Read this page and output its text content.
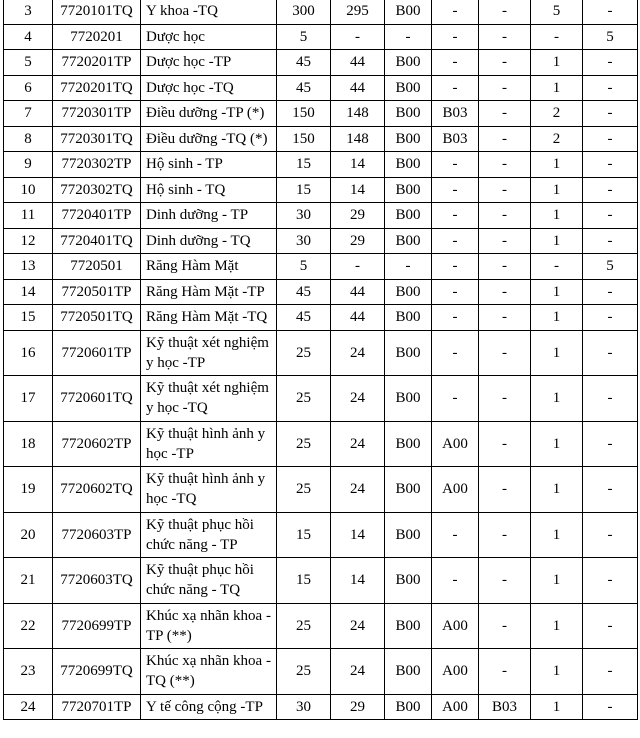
3	7720101TQ	Y khoa -TQ	300	295	B00	-	-	5	-
4	7720201	Dược học	5	-	-	-	-	-	5
5	7720201TP	Dược học -TP	45	44	B00	-	-	1	-
6	7720201TQ	Dược học -TQ	45	44	B00	-	-	1	-
7	7720301TP	Điều dưỡng -TP (*)	150	148	B00	B03	-	2	-
8	7720301TQ	Điều dưỡng -TQ (*)	150	148	B00	B03	-	2	-
9	7720302TP	Hộ sinh - TP	15	14	B00	-	-	1	-
10	7720302TQ	Hộ sinh - TQ	15	14	B00	-	-	1	-
11	7720401TP	Dinh dưỡng - TP	30	29	B00	-	-	1	-
12	7720401TQ	Dinh dưỡng - TQ	30	29	B00	-	-	1	-
13	7720501	Răng Hàm Mặt	5	-	-	-	-	-	5
14	7720501TP	Răng Hàm Mặt -TP	45	44	B00	-	-	1	-
15	7720501TQ	Răng Hàm Mặt -TQ	45	44	B00	-	-	1	-
16	7720601TP	Kỹ thuật xét nghiệm y học -TP	25	24	B00	-	-	1	-
17	7720601TQ	Kỹ thuật xét nghiệm y học -TQ	25	24	B00	-	-	1	-
18	7720602TP	Kỹ thuật hình ảnh y học -TP	25	24	B00	A00	-	1	-
19	7720602TQ	Kỹ thuật hình ảnh y học -TQ	25	24	B00	A00	-	1	-
20	7720603TP	Kỹ thuật phục hồi chức năng - TP	15	14	B00	-	-	1	-
21	7720603TQ	Kỹ thuật phục hồi chức năng - TQ	15	14	B00	-	-	1	-
22	7720699TP	Khúc xạ nhãn khoa - TP (**)	25	24	B00	A00	-	1	-
23	7720699TQ	Khúc xạ nhãn khoa - TQ (**)	25	24	B00	A00	-	1	-
24	7720701TP	Y tế công cộng -TP	30	29	B00	A00	B03	1	-
